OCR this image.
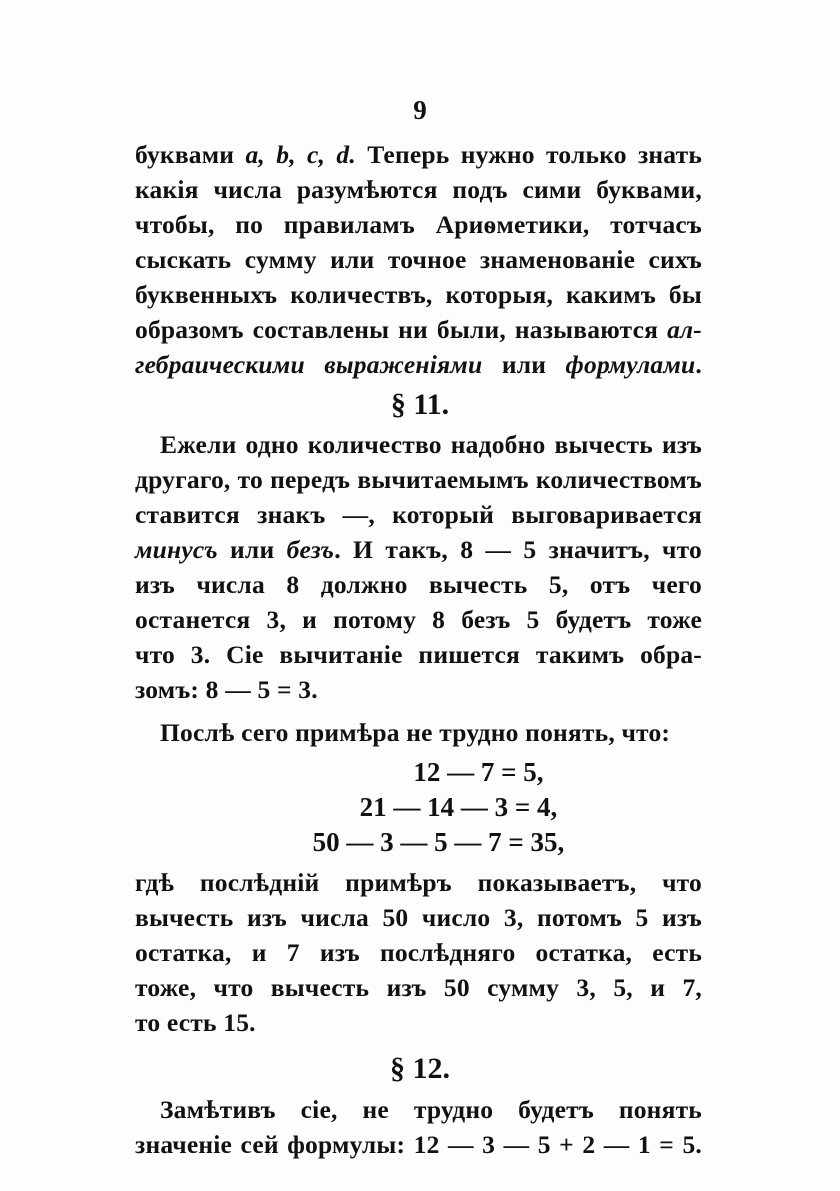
9
буквами a, b, c, d. Теперь нужно только знать
какія числа разумѣются подъ сими буквами,
чтобы, по правиламъ Ариѳметики, тотчасъ
сыскать сумму или точное знаменованіе сихъ
буквенныхъ количествъ, которыя, какимъ бы
образомъ составлены ни были, называются ал-
гебраическими выраженіями или формулами.
§ 11.
Ежели одно количество надобно вычесть изъ
другаго, то передъ вычитаемымъ количествомъ
ставится знакъ —, который выговаривается
минусъ или безъ. И такъ, 8 — 5 значитъ, что
изъ числа 8 должно вычесть 5, отъ чего
останется 3, и потому 8 безъ 5 будетъ тоже
что 3. Сіе вычитаніе пишется такимъ обра-
зомъ: 8 — 5 = 3.
Послѣ сего примѣра не трудно понять, что:
12 — 7 = 5,
21 — 14 — 3 = 4,
50 — 3 — 5 — 7 = 35,
гдѣ послѣдній примѣръ показываетъ, что
вычесть изъ числа 50 число 3, потомъ 5 изъ
остатка, и 7 изъ послѣдняго остатка, есть
тоже, что вычесть изъ 50 сумму 3, 5, и 7,
то есть 15.
§ 12.
Замѣтивъ сіе, не трудно будетъ понять
значеніе сей формулы: 12 — 3 — 5 + 2 — 1 = 5.
